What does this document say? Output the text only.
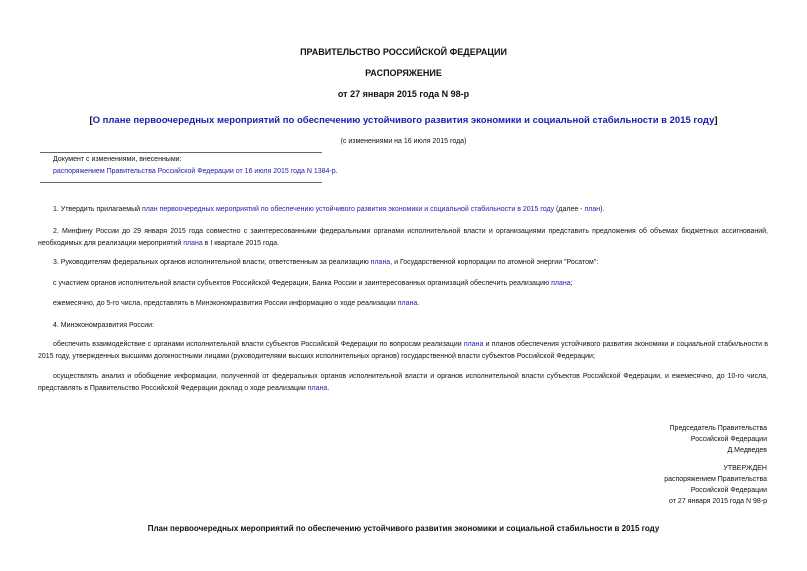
ПРАВИТЕЛЬСТВО РОССИЙСКОЙ ФЕДЕРАЦИИ
РАСПОРЯЖЕНИЕ
от 27 января 2015 года N 98-р
[О плане первоочередных мероприятий по обеспечению устойчивого развития экономики и социальной стабильности в 2015 году]
(с изменениями на 16 июля 2015 года)
Документ с изменениями, внесенными:
распоряжением Правительства Российской Федерации от 16 июля 2015 года N 1384-р.
1. Утвердить прилагаемый план первоочередных мероприятий по обеспечению устойчивого развития экономики и социальной стабильности в 2015 году (далее - план).
2. Минфину России до 29 января 2015 года совместно с заинтересованными федеральными органами исполнительной власти и организациями представить предложения об объемах бюджетных ассигнований, необходимых для реализации мероприятий плана в I квартале 2015 года.
3. Руководителям федеральных органов исполнительной власти, ответственным за реализацию плана, и Государственной корпорации по атомной энергии "Росатом":
с участием органов исполнительной власти субъектов Российской Федерации, Банка России и заинтересованных организаций обеспечить реализацию плана;
ежемесячно, до 5-го числа, представлять в Минэкономразвития России информацию о ходе реализации плана.
4. Минэкономразвития России:
обеспечить взаимодействие с органами исполнительной власти субъектов Российской Федерации по вопросам реализации плана и планов обеспечения устойчивого развития экономики и социальной стабильности в 2015 году, утвержденных высшими должностными лицами (руководителями высших исполнительных органов) государственной власти субъектов Российской Федерации;
осуществлять анализ и обобщение информации, полученной от федеральных органов исполнительной власти и органов исполнительной власти субъектов Российской Федерации, и ежемесячно, до 10-го числа, представлять в Правительство Российской Федерации доклад о ходе реализации плана.
Председатель Правительства
Российской Федерации
Д.Медведев
УТВЕРЖДЕН
распоряжением Правительства
Российской Федерации
от 27 января 2015 года N 98-р
План первоочередных мероприятий по обеспечению устойчивого развития экономики и социальной стабильности в 2015 году
